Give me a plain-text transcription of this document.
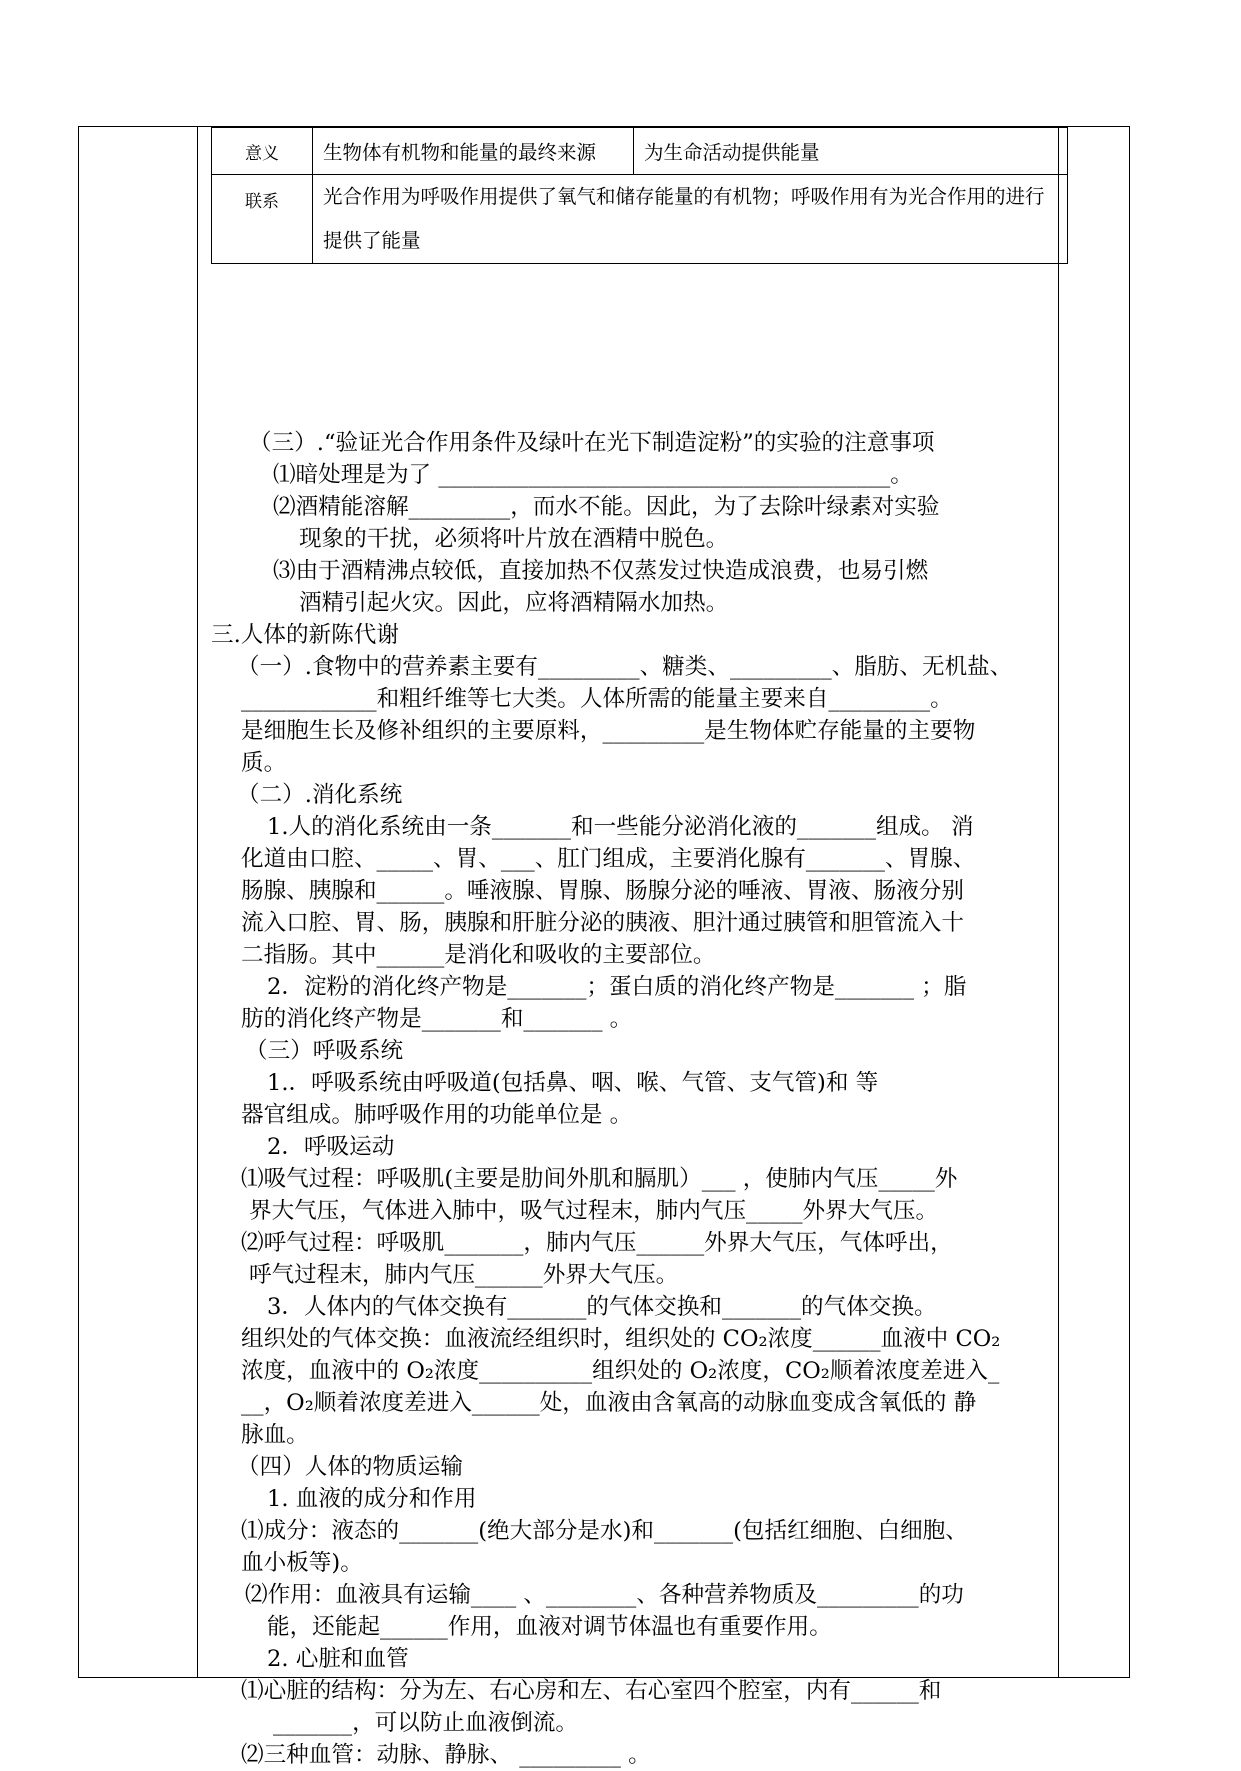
意义	生物体有机物和能量的最终来源	为生命活动提供能量
联系	光合作用为呼吸作用提供了氧气和储存能量的有机物；呼吸作用有为光合作用的进行提供了能量	

（三）.“验证光合作用条件及绿叶在光下制造淀粉”的实验的注意事项

⑴暗处理是为了 ________________________________________。

⑵酒精能溶解_________，而水不能。因此，为了去除叶绿素对实验

现象的干扰，必须将叶片放在酒精中脱色。

⑶由于酒精沸点较低，直接加热不仅蒸发过快造成浪费，也易引燃

酒精引起火灾。因此，应将酒精隔水加热。

三.人体的新陈代谢

（一）.食物中的营养素主要有_________、糖类、_________、脂肪、无机盐、

____________和粗纤维等七大类。人体所需的能量主要来自_________。

是细胞生长及修补组织的主要原料，_________是生物体贮存能量的主要物

质。

（二）.消化系统

1.人的消化系统由一条_______和一些能分泌消化液的_______组成。 消

化道由口腔、_____、胃、___、肛门组成，主要消化腺有_______、胃腺、

肠腺、胰腺和______。唾液腺、胃腺、肠腺分泌的唾液、胃液、肠液分别

流入口腔、胃、肠，胰腺和肝脏分泌的胰液、胆汁通过胰管和胆管流入十

二指肠。其中______是消化和吸收的主要部位。

2．淀粉的消化终产物是_______；蛋白质的消化终产物是_______ ；脂

肪的消化终产物是_______和_______ 。

（三）呼吸系统

1.．呼吸系统由呼吸道(包括鼻、咽、喉、气管、支气管)和 等

器官组成。肺呼吸作用的功能单位是 。

2．呼吸运动

⑴吸气过程：呼吸肌(主要是肋间外肌和膈肌）___ ，使肺内气压_____外

界大气压，气体进入肺中，吸气过程末，肺内气压_____外界大气压。

⑵呼气过程：呼吸肌_______，肺内气压______外界大气压，气体呼出，

呼气过程末，肺内气压______外界大气压。

3．人体内的气体交换有_______的气体交换和_______的气体交换。

组织处的气体交换：血液流经组织时，组织处的 CO₂浓度______血液中 CO₂

浓度，血液中的 O₂浓度__________组织处的 O₂浓度，CO₂顺着浓度差进入_

__，O₂顺着浓度差进入______处，血液由含氧高的动脉血变成含氧低的 静

脉血。

（四）人体的物质运输

1. 血液的成分和作用

⑴成分：液态的_______(绝大部分是水)和_______(包括红细胞、白细胞、

血小板等)。

⑵作用：血液具有运输____ 、________、各种营养物质及_________的功

能，还能起______作用，血液对调节体温也有重要作用。

2. 心脏和血管

⑴心脏的结构：分为左、右心房和左、右心室四个腔室，内有______和

_______，可以防止血液倒流。

⑵三种血管：动脉、静脉、 _________ 。
